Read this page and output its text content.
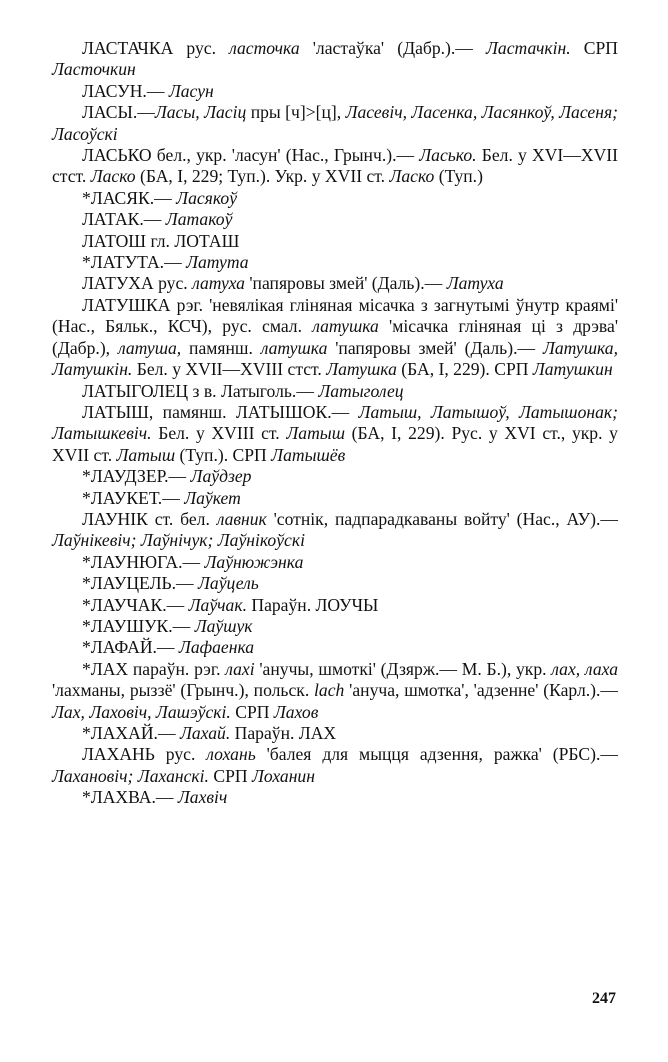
ЛАСТАЧКА рус. ласточка 'ластаўка' (Дабр.).— Ластачкін. СРП Ласточкин
ЛАСУН.— Ласун
ЛАСЫ.—Ласы, Ласіц пры [ч]>[ц], Ласевіч, Ласенка, Ласянкоў, Ласеня; Ласоўскі
ЛАСЬКО бел., укр. 'ласун' (Нас., Грынч.).— Ласько. Бел. у XVI—XVII стст. Ласко (БА, I, 229; Туп.). Укр. у XVII ст. Ласко (Туп.)
*ЛАСЯК.— Ласякоў
ЛАТАК.— Латакоў
ЛАТОШ гл. ЛОТАШ
*ЛАТУТА.— Латута
ЛАТУХА рус. латуха 'папяровы змей' (Даль).— Латуха
ЛАТУШКА рэг. 'невялікая гліняная місачка з загнутымі ўнутр краямі' (Нас., Бяльк., КСЧ), рус. смал. латушка 'місачка гліняная ці з дрэва' (Дабр.), латуша, памянш. латушка 'папяровы змей' (Даль).— Латушка, Латушкін. Бел. у XVII—XVIII стст. Латушка (БА, I, 229). СРП Латушкин
ЛАТЫГОЛЕЦ з в. Латыголь.— Латыголец
ЛАТЫШ, памянш. ЛАТЫШОК.— Латыш, Латышоў, Латышонак; Латышкевіч. Бел. у XVIII ст. Латыш (БА, I, 229). Рус. у XVI ст., укр. у XVII ст. Латыш (Туп.). СРП Латышёв
*ЛАУДЗЕР.— Лаўдзер
*ЛАУКЕТ.— Лаўкет
ЛАУНІК ст. бел. лавник 'сотнік, падпарадкаваны войту' (Нас., АУ).— Лаўнікевіч; Лаўнічук; Лаўнікоўскі
*ЛАУНЮГА.— Лаўнюжэнка
*ЛАУЦЕЛЬ.— Лаўцель
*ЛАУЧАК.— Лаўчак. Параўн. ЛОУЧЫ
*ЛАУШУК.— Лаўшук
*ЛАФАЙ.— Лафаенка
*ЛАХ параўн. рэг. лахі 'анучы, шмоткі' (Дзярж.— М. Б.), укр. лах, лаха 'лахманы, рыззё' (Грынч.), польск. lach 'ануча, шмотка', 'адзенне' (Карл.).— Лах, Лаховіч, Лашэўскі. СРП Лахов
*ЛАХАЙ.— Лахай. Параўн. ЛАХ
ЛАХАНЬ рус. лохань 'балея для мыцця адзення, ражка' (РБС).— Лахановіч; Лаханскі. СРП Лоханин
*ЛАХВА.— Лахвіч
247
